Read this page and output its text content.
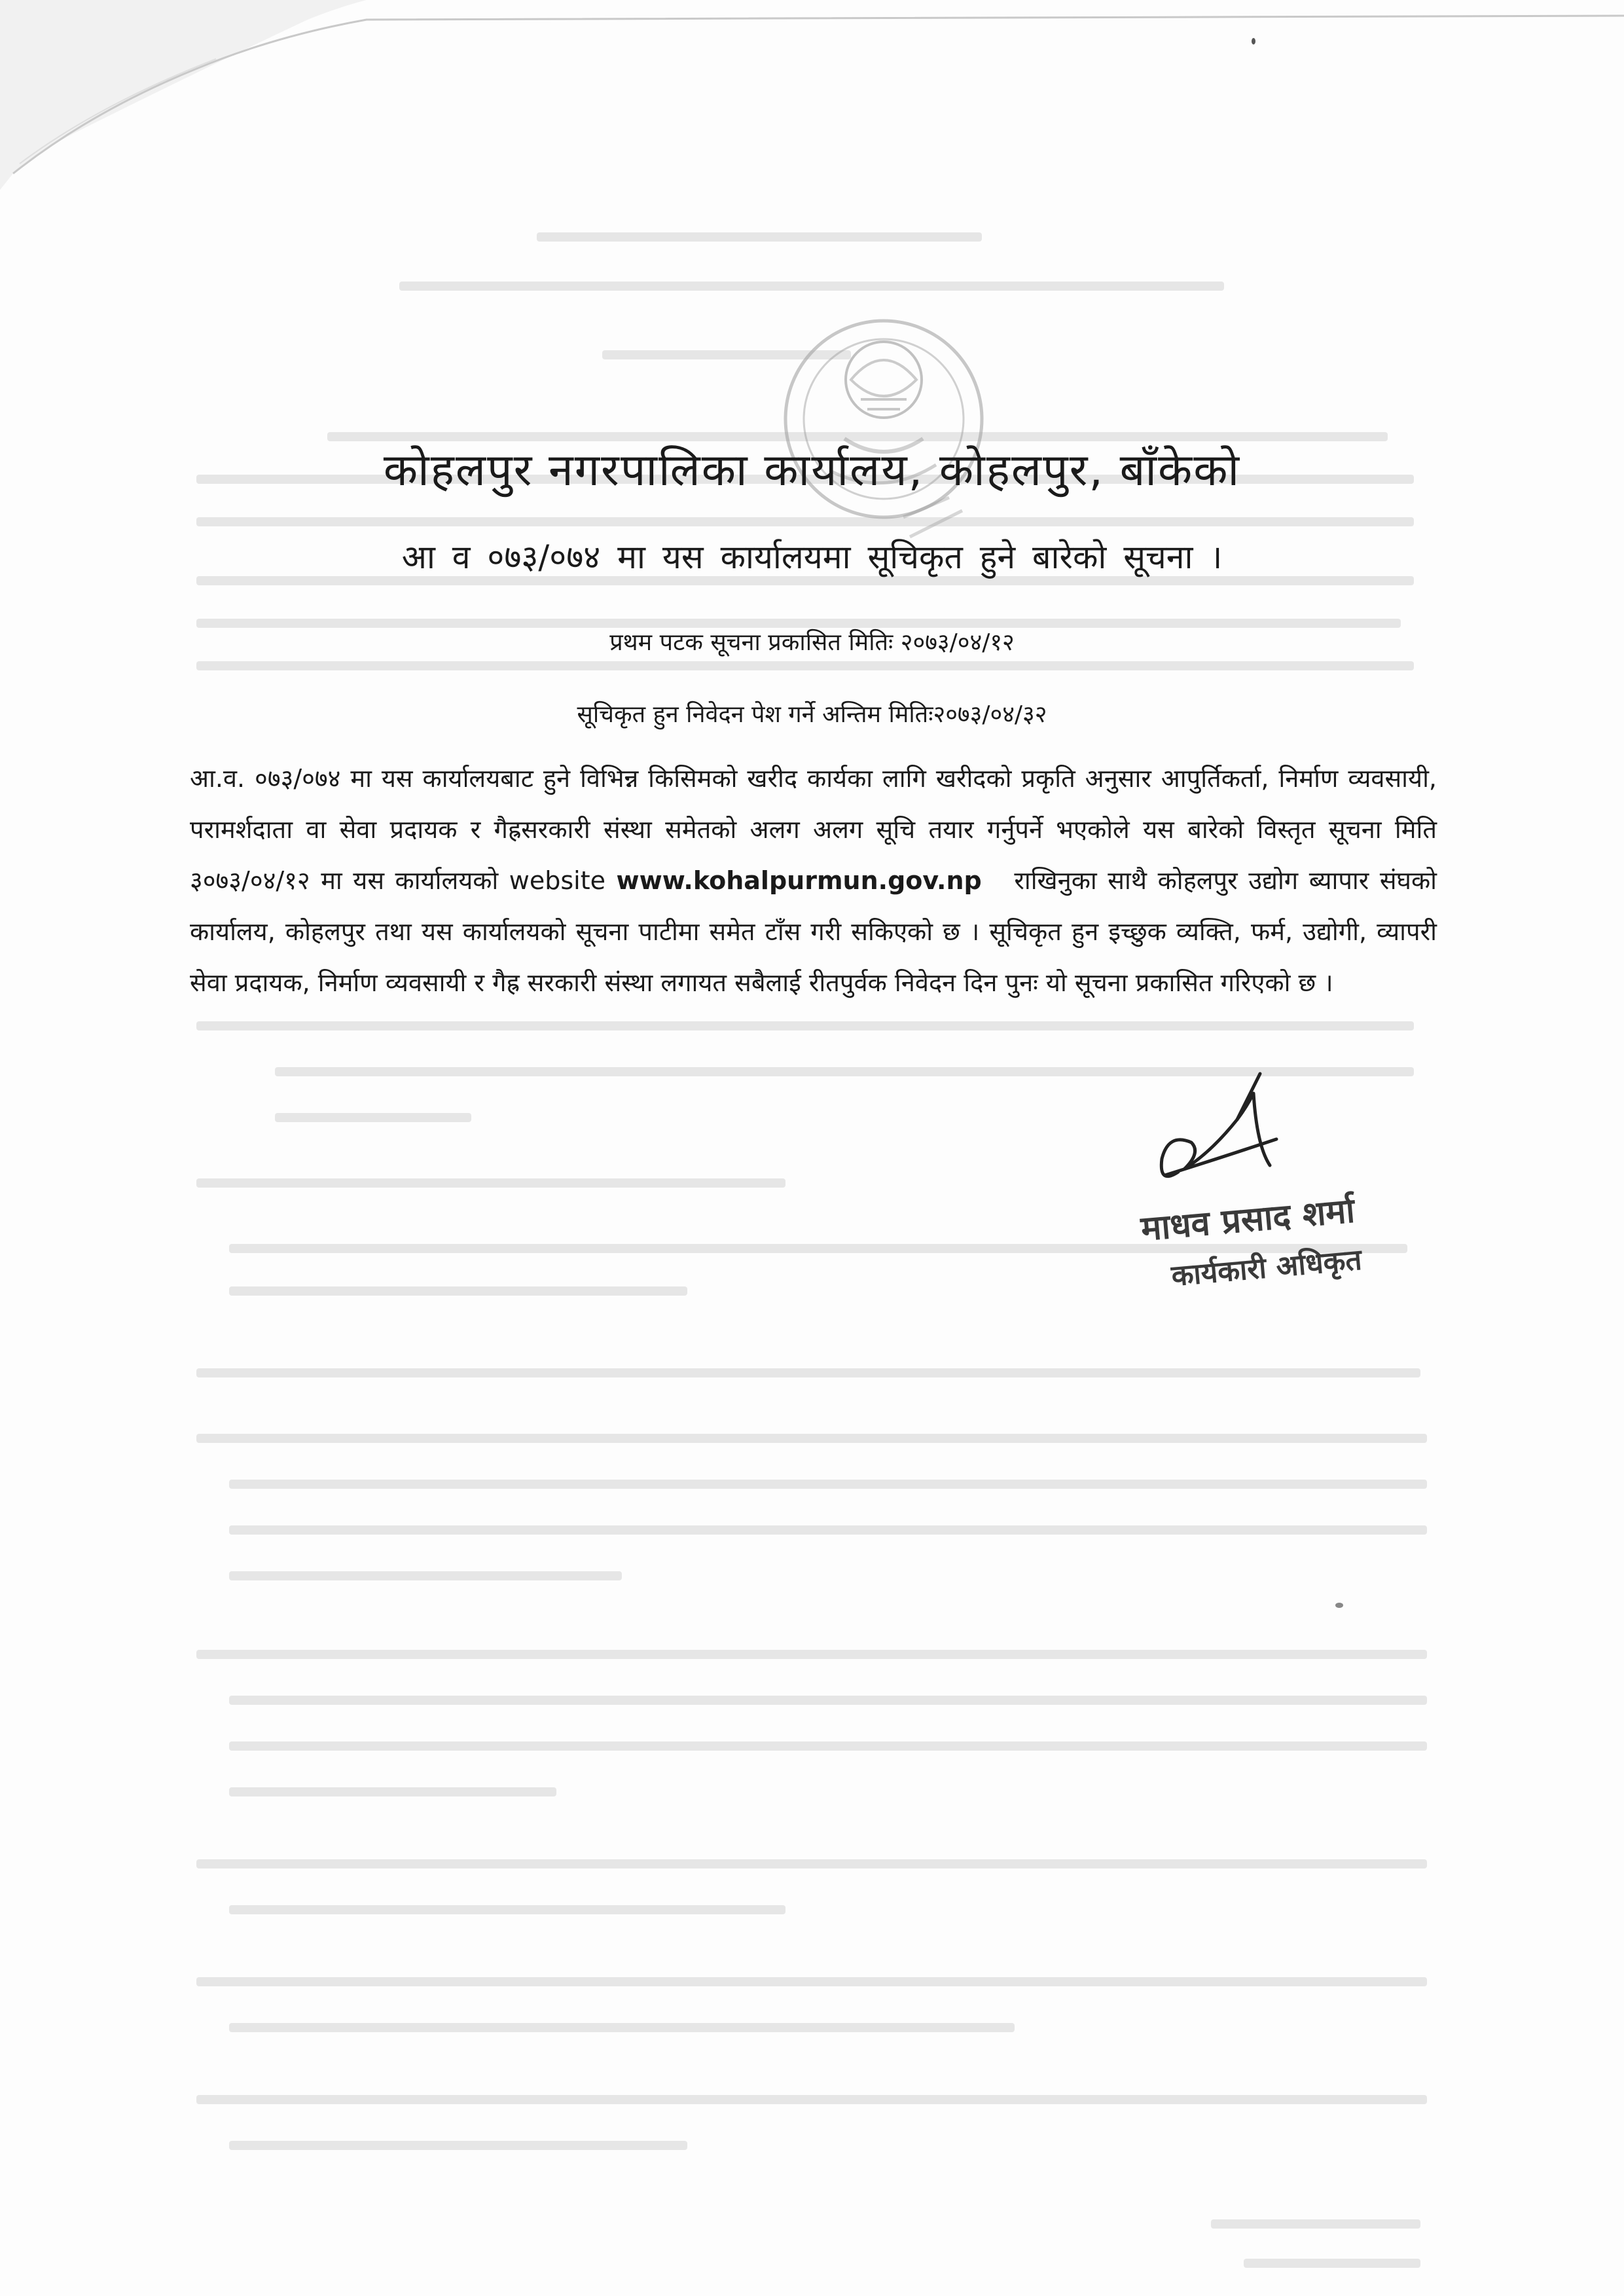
कोहलपुर नगरपालिका कार्यालय, कोहलपुर, बाँकेको
आ व ०७३/०७४ मा यस कार्यालयमा सूचिकृत हुने बारेको सूचना ।

प्रथम पटक सूचना प्रकासित मितिः २०७३/०४/१२

सूचिकृत हुन निवेदन पेश गर्ने अन्तिम मितिः२०७३/०४/३२

आ.व. ०७३/०७४ मा यस कार्यालयबाट हुने विभिन्न किसिमको खरीद कार्यका लागि खरीदको प्रकृति अनुसार आपुर्तिकर्ता, निर्माण व्यवसायी, परामर्शदाता वा सेवा प्रदायक र गैह्रसरकारी संस्था समेतको अलग अलग सूचि तयार गर्नुपर्ने भएकोले यस बारेको विस्तृत सूचना मिति ३०७३/०४/१२ मा यस कार्यालयको website www.kohalpurmun.gov.np राखिनुका साथै कोहलपुर उद्योग ब्यापार संघको कार्यालय, कोहलपुर तथा यस कार्यालयको सूचना पाटीमा समेत टाँस गरी सकिएको छ । सूचिकृत हुन इच्छुक व्यक्ति, फर्म, उद्योगी, व्यापरी सेवा प्रदायक, निर्माण व्यवसायी र गैह्र सरकारी संस्था लगायत सबैलाई रीतपुर्वक निवेदन दिन पुनः यो सूचना प्रकासित गरिएको छ ।

माधव प्रसाद शर्मा
कार्यकारी अधिकृत
